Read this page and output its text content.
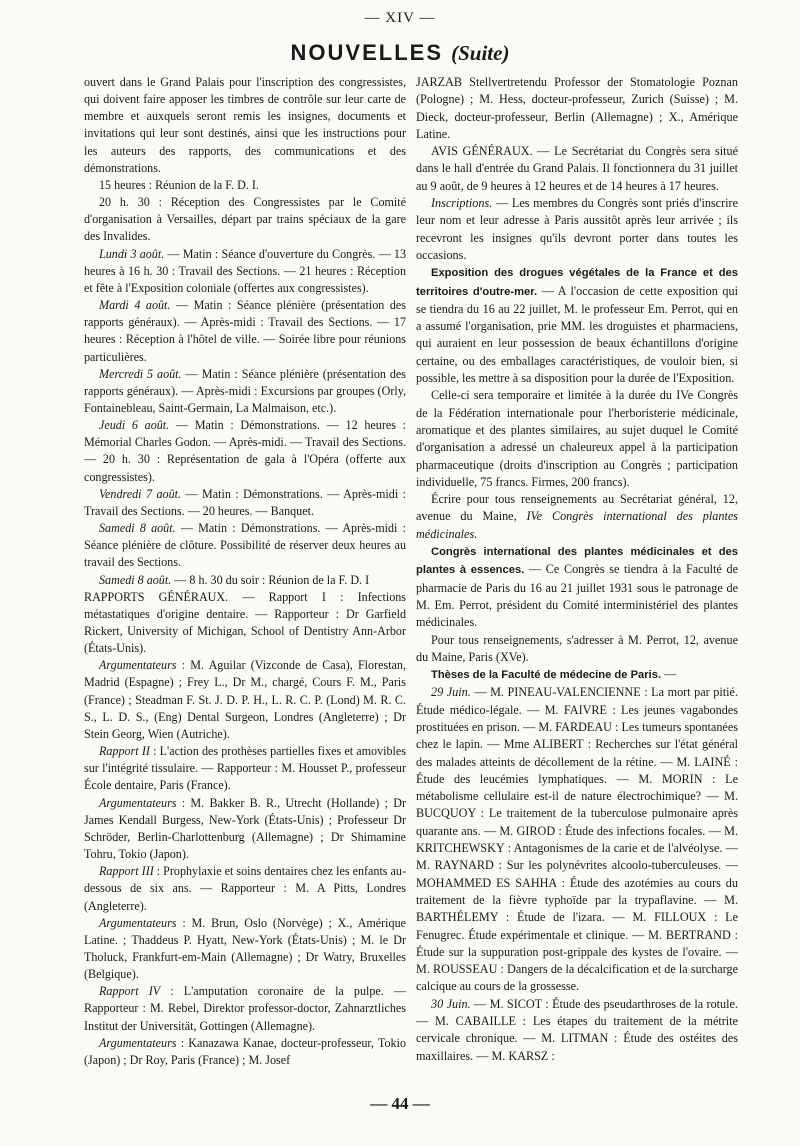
— XIV —
NOUVELLES (Suite)

ouvert dans le Grand Palais pour l'inscription des congressistes, qui doivent faire apposer les timbres de contrôle sur leur carte de membre et auxquels seront remis les insignes, documents et invitations qui leur sont destinés, ainsi que les instructions pour les auteurs des rapports, des communications et des démonstrations.

15 heures : Réunion de la F. D. I.

20 h. 30 : Réception des Congressistes par le Comité d'organisation à Versailles, départ par trains spéciaux de la gare des Invalides.

Lundi 3 août. — Matin : Séance d'ouverture du Congrès. — 13 heures à 16 h. 30 : Travail des Sections. — 21 heures : Réception et fête à l'Exposition coloniale (offertes aux congressistes).

Mardi 4 août. — Matin : Séance plénière (présentation des rapports généraux). — Après-midi : Travail des Sections. — 17 heures : Réception à l'hôtel de ville. — Soirée libre pour réunions particulières.

Mercredi 5 août. — Matin : Séance plénière (présentation des rapports généraux). — Après-midi : Excursions par groupes (Orly, Fontainebleau, Saint-Germain, La Malmaison, etc.).

Jeudi 6 août. — Matin : Démonstrations. — 12 heures : Mémorial Charles Godon. — Après-midi. — Travail des Sections. — 20 h. 30 : Représentation de gala à l'Opéra (offerte aux congressistes).

Vendredi 7 août. — Matin : Démonstrations. — Après-midi : Travail des Sections. — 20 heures. — Banquet.

Samedi 8 août. — Matin : Démonstrations. — Après-midi : Séance plénière de clôture. Possibilité de réserver deux heures au travail des Sections.

Samedi 8 août. — 8 h. 30 du soir : Réunion de la F. D. I

RAPPORTS GÉNÉRAUX. — Rapport I : Infections métastatiques d'origine dentaire. — Rapporteur : Dr Garfield Rickert, University of Michigan, School of Dentistry Ann-Arbor (États-Unis).

Argumentateurs : M. Aguilar (Vizconde de Casa), Florestan, Madrid (Espagne) ; Frey L., Dr M., chargé, Cours F. M., Paris (France) ; Steadman F. St. J. D. P. H., L. R. C. P. (Lond) M. R. C. S., L. D. S., (Eng) Dental Surgeon, Londres (Angleterre) ; Dr Stein Georg, Wien (Autriche).

Rapport II : L'action des prothèses partielles fixes et amovibles sur l'intégrité tissulaire. — Rapporteur : M. Housset P., professeur École dentaire, Paris (France).

Argumentateurs : M. Bakker B. R., Utrecht (Hollande) ; Dr James Kendall Burgess, New-York (États-Unis) ; Professeur Dr Schröder, Berlin-Charlottenburg (Allemagne) ; Dr Shimamine Tohru, Tokio (Japon).

Rapport III : Prophylaxie et soins dentaires chez les enfants au-dessous de six ans. — Rapporteur : M. A Pitts, Londres (Angleterre).

Argumentateurs : M. Brun, Oslo (Norvège) ; X., Amérique Latine. ; Thaddeus P. Hyatt, New-York (États-Unis) ; M. le Dr Tholuck, Frankfurt-em-Main (Allemagne) ; Dr Watry, Bruxelles (Belgique).

Rapport IV : L'amputation coronaire de la pulpe. — Rapporteur : M. Rebel, Direktor professor-doctor, Zahnarztliches Institut der Universität, Gottingen (Allemagne).

Argumentateurs : Kanazawa Kanae, docteur-professeur, Tokio (Japon) ; Dr Roy, Paris (France) ; M. Josef

JARZAB Stellvertretendu Professor der Stomatologie Poznan (Pologne) ; M. Hess, docteur-professeur, Zurich (Suisse) ; M. Dieck, docteur-professeur, Berlin (Allemagne) ; X., Amérique Latine.

AVIS GÉNÉRAUX. — Le Secrétariat du Congrès sera situé dans le hall d'entrée du Grand Palais. Il fonctionnera du 31 juillet au 9 août, de 9 heures à 12 heures et de 14 heures à 17 heures.

Inscriptions. — Les membres du Congrès sont priés d'inscrire leur nom et leur adresse à Paris aussitôt après leur arrivée ; ils recevront les insignes qu'ils devront porter dans toutes les occasions.

Exposition des drogues végétales de la France et des territoires d'outre-mer. — A l'occasion de cette exposition qui se tiendra du 16 au 22 juillet, M. le professeur Em. Perrot, qui en a assumé l'organisation, prie MM. les droguistes et pharmaciens, qui auraient en leur possession de beaux échantillons d'origine certaine, ou des emballages caractéristiques, de vouloir bien, si possible, les mettre à sa disposition pour la durée de l'Exposition.

Celle-ci sera temporaire et limitée à la durée du IVe Congrès de la Fédération internationale pour l'herboristerie médicinale, aromatique et des plantes similaires, au sujet duquel le Comité d'organisation a adressé un chaleureux appel à la participation pharmaceutique (droits d'inscription au Congrès ; participation individuelle, 75 francs. Firmes, 200 francs).

Écrire pour tous renseignements au Secrétariat général, 12, avenue du Maine, IVe Congrès international des plantes médicinales.

Congrès international des plantes médicinales et des plantes à essences. — Ce Congrès se tiendra à la Faculté de pharmacie de Paris du 16 au 21 juillet 1931 sous le patronage de M. Em. Perrot, président du Comité interministériel des plantes médicinales.

Pour tous renseignements, s'adresser à M. Perrot, 12, avenue du Maine, Paris (XVe).

Thèses de la Faculté de médecine de Paris. —

29 Juin. — M. PINEAU-VALENCIENNE : La mort par pitié. Étude médico-légale. — M. FAIVRE : Les jeunes vagabondes prostituées en prison. — M. FARDEAU : Les tumeurs spontanées chez le lapin. — Mme ALIBERT : Recherches sur l'état général des malades atteints de décollement de la rétine. — M. LAINÉ : Étude des leucémies lymphatiques. — M. MORIN : Le métabolisme cellulaire est-il de nature électrochimique? — M. BUCQUOY : Le traitement de la tuberculose pulmonaire après quarante ans. — M. GIROD : Étude des infections focales. — M. KRITCHEWSKY : Antagonismes de la carie et de l'alvéolyse. — M. RAYNARD : Sur les polynévrites alcoolo-tuberculeuses. — MOHAMMED ES SAHHA : Étude des azotémies au cours du traitement de la fièvre typhoïde par la trypaflavine. — M. BARTHÉLEMY : Étude de l'izara. — M. FILLOUX : Le Fenugrec. Étude expérimentale et clinique. — M. BERTRAND : Étude sur la suppuration post-grippale des kystes de l'ovaire. — M. ROUSSEAU : Dangers de la décalcification et de la surcharge calcique au cours de la grossesse.

30 Juin. — M. SICOT : Étude des pseudarthroses de la rotule. — M. CABAILLE : Les étapes du traitement de la métrite cervicale chronique. — M. LITMAN : Étude des ostéites des maxillaires. — M. KARSZ :

— 44 —
